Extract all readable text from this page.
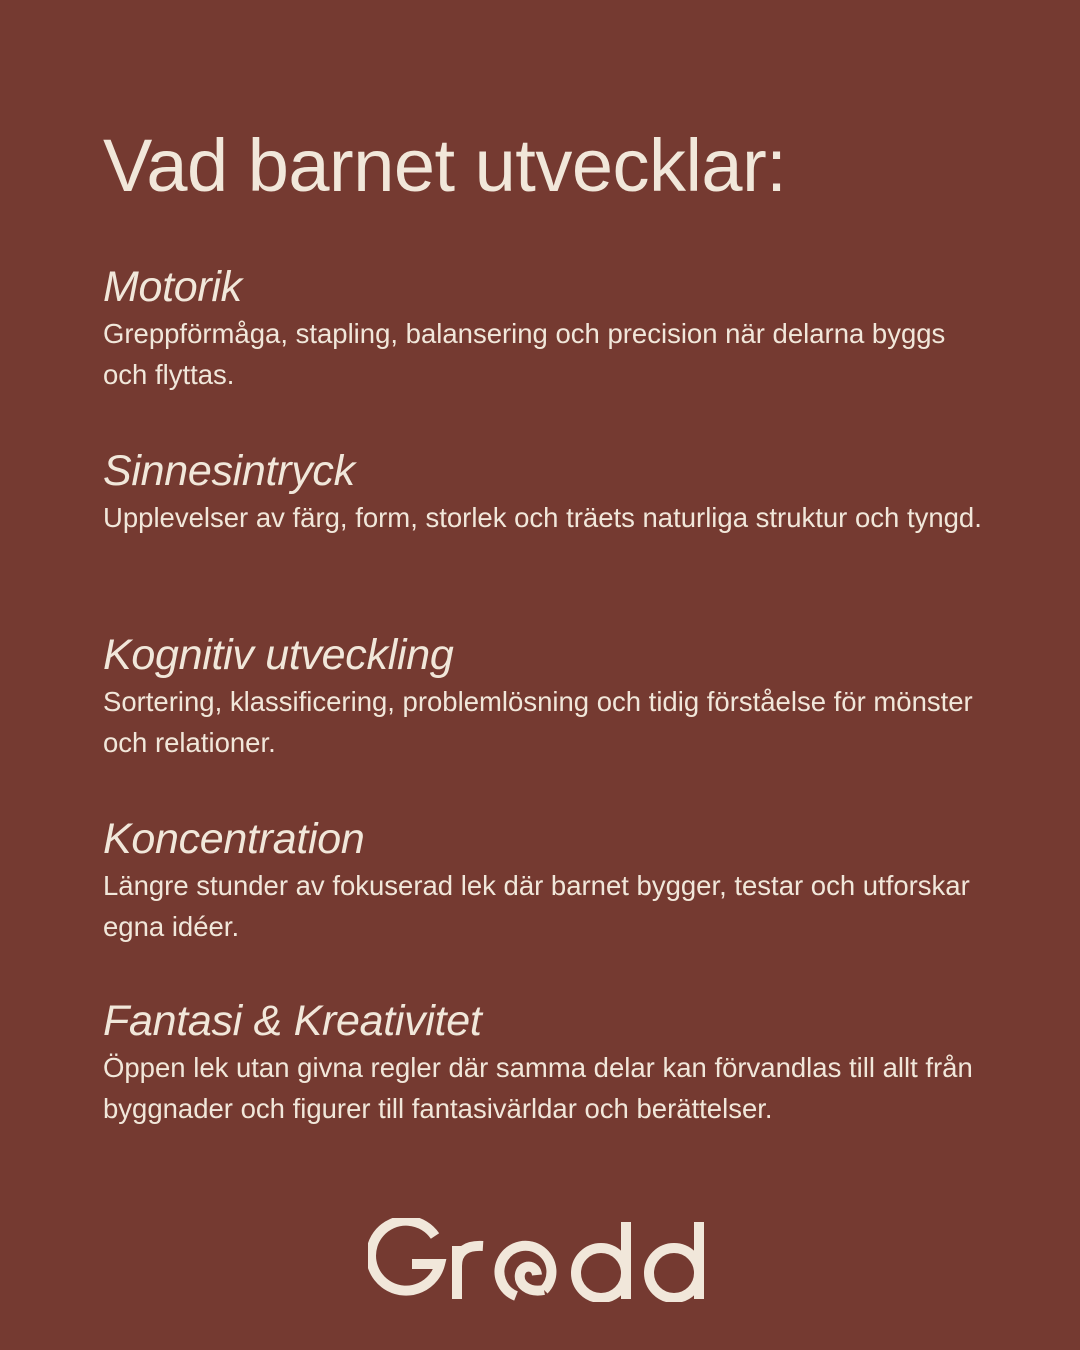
Vad barnet utvecklar:
Motorik

Greppförmåga, stapling, balansering och precision när delarna byggs och flyttas.

Sinnesintryck

Upplevelser av färg, form, storlek och träets naturliga struktur och tyngd.

Kognitiv utveckling

Sortering, klassificering, problemlösning och tidig förståelse för mönster och relationer.

Koncentration

Längre stunder av fokuserad lek där barnet bygger, testar och utforskar egna idéer.

Fantasi & Kreativitet

Öppen lek utan givna regler där samma delar kan förvandlas till allt från byggnader och figurer till fantasivärldar och berättelser.
